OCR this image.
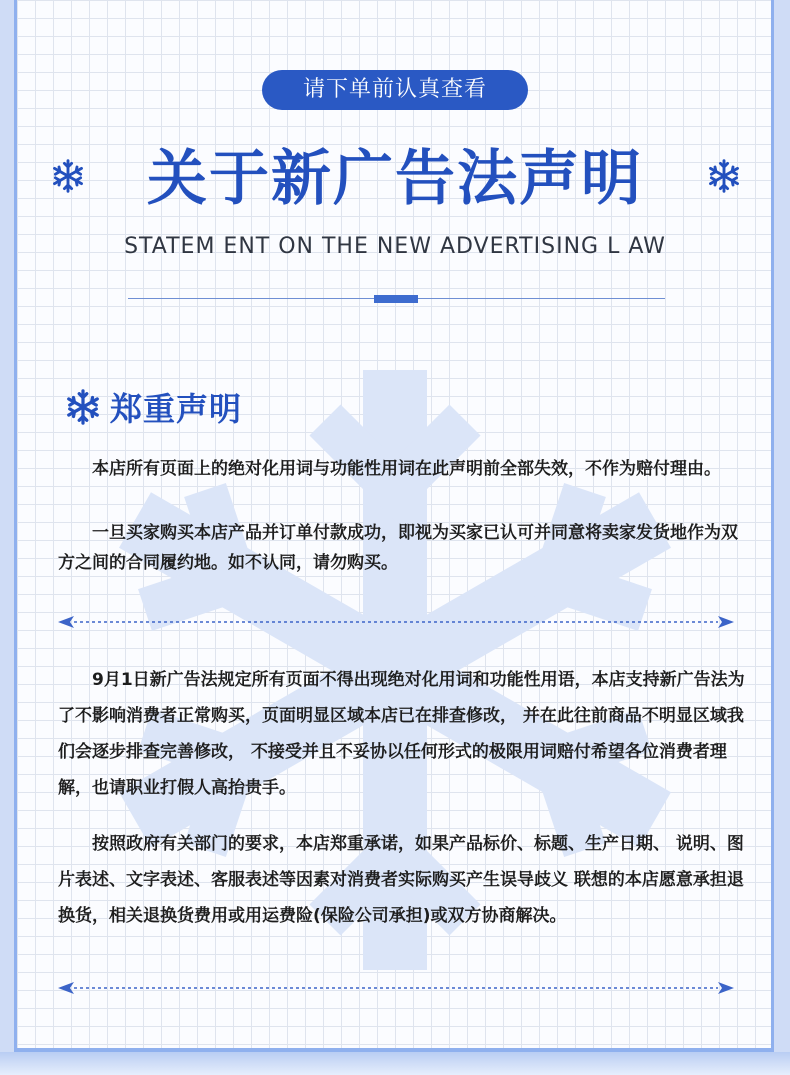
请下单前认真查看
关于新广告法声明
STATEM ENT ON THE NEW ADVERTISING L AW
郑重声明

　　本店所有页面上的绝对化用词与功能性用词在此声明前全部失效，不作为赔付理由。

　　一旦买家购买本店产品并订单付款成功，即视为买家已认可并同意将卖家发货地作为双方之间的合同履约地。如不认同，请勿购买。

　　9月1日新广告法规定所有页面不得出现绝对化用词和功能性用语，本店支持新广告法为了不影响消费者正常购买，页面明显区域本店已在排查修改， 并在此往前商品不明显区域我们会逐步排查完善修改， 不接受并且不妥协以任何形式的极限用词赔付希望各位消费者理解，也请职业打假人高抬贵手。

　　按照政府有关部门的要求，本店郑重承诺，如果产品标价、标题、生产日期、 说明、图片表述、文字表述、客服表述等因素对消费者实际购买产生误导歧义 联想的本店愿意承担退换货，相关退换货费用或用运费险(保险公司承担)或双方协商解决。
